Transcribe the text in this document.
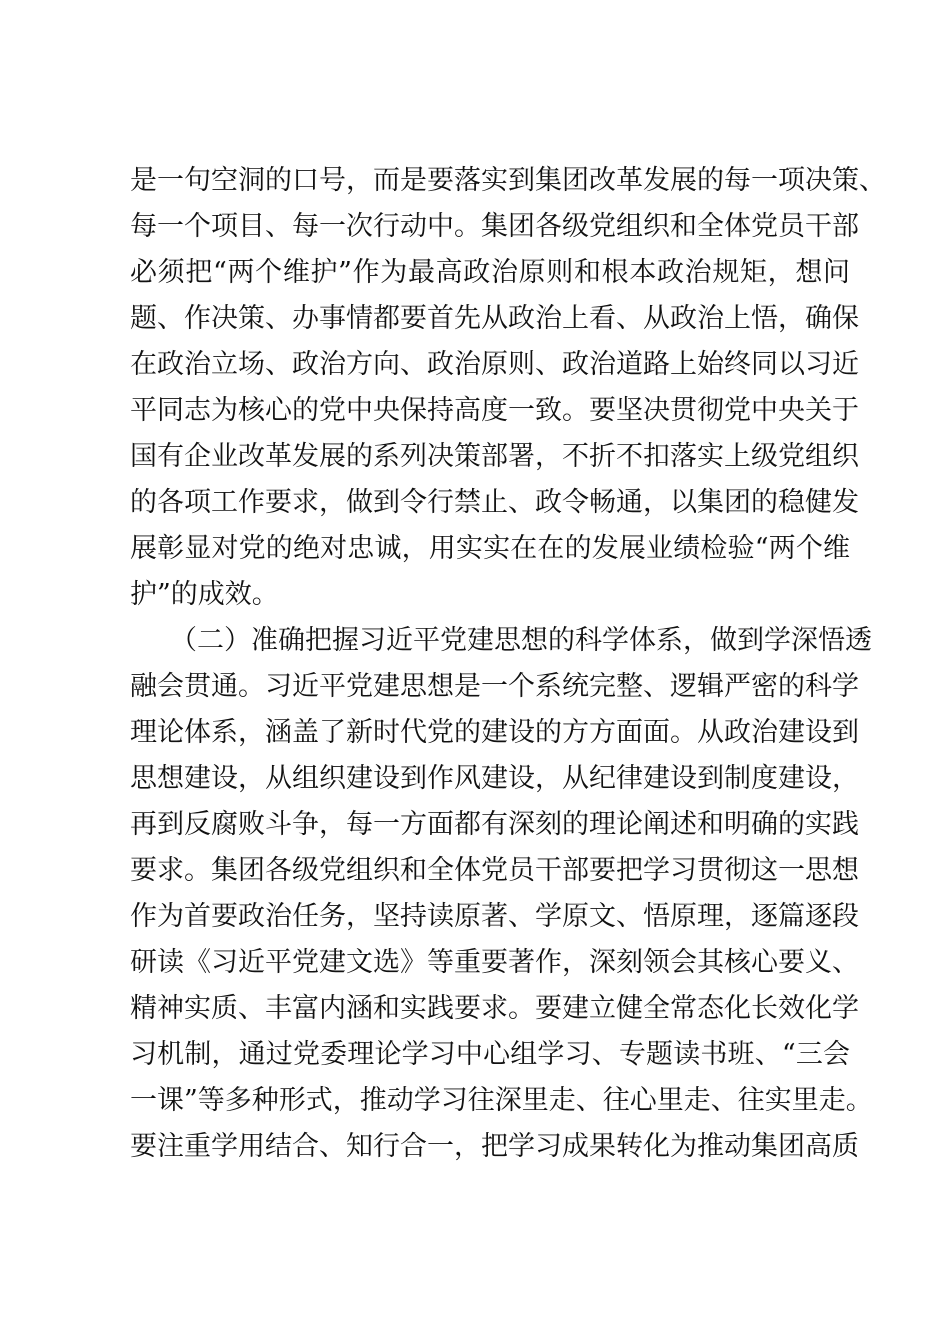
是一句空洞的口号，而是要落实到集团改革发展的每一项决策、
每一个项目、每一次行动中。集团各级党组织和全体党员干部
必须把“两个维护”作为最高政治原则和根本政治规矩，想问
题、作决策、办事情都要首先从政治上看、从政治上悟，确保
在政治立场、政治方向、政治原则、政治道路上始终同以习近
平同志为核心的党中央保持高度一致。要坚决贯彻党中央关于
国有企业改革发展的系列决策部署，不折不扣落实上级党组织
的各项工作要求，做到令行禁止、政令畅通，以集团的稳健发
展彰显对党的绝对忠诚，用实实在在的发展业绩检验“两个维
护”的成效。
（二）准确把握习近平党建思想的科学体系，做到学深悟透
融会贯通。习近平党建思想是一个系统完整、逻辑严密的科学
理论体系，涵盖了新时代党的建设的方方面面。从政治建设到
思想建设，从组织建设到作风建设，从纪律建设到制度建设，
再到反腐败斗争，每一方面都有深刻的理论阐述和明确的实践
要求。集团各级党组织和全体党员干部要把学习贯彻这一思想
作为首要政治任务，坚持读原著、学原文、悟原理，逐篇逐段
研读《习近平党建文选》等重要著作，深刻领会其核心要义、
精神实质、丰富内涵和实践要求。要建立健全常态化长效化学
习机制，通过党委理论学习中心组学习、专题读书班、“三会
一课”等多种形式，推动学习往深里走、往心里走、往实里走。
要注重学用结合、知行合一，把学习成果转化为推动集团高质
